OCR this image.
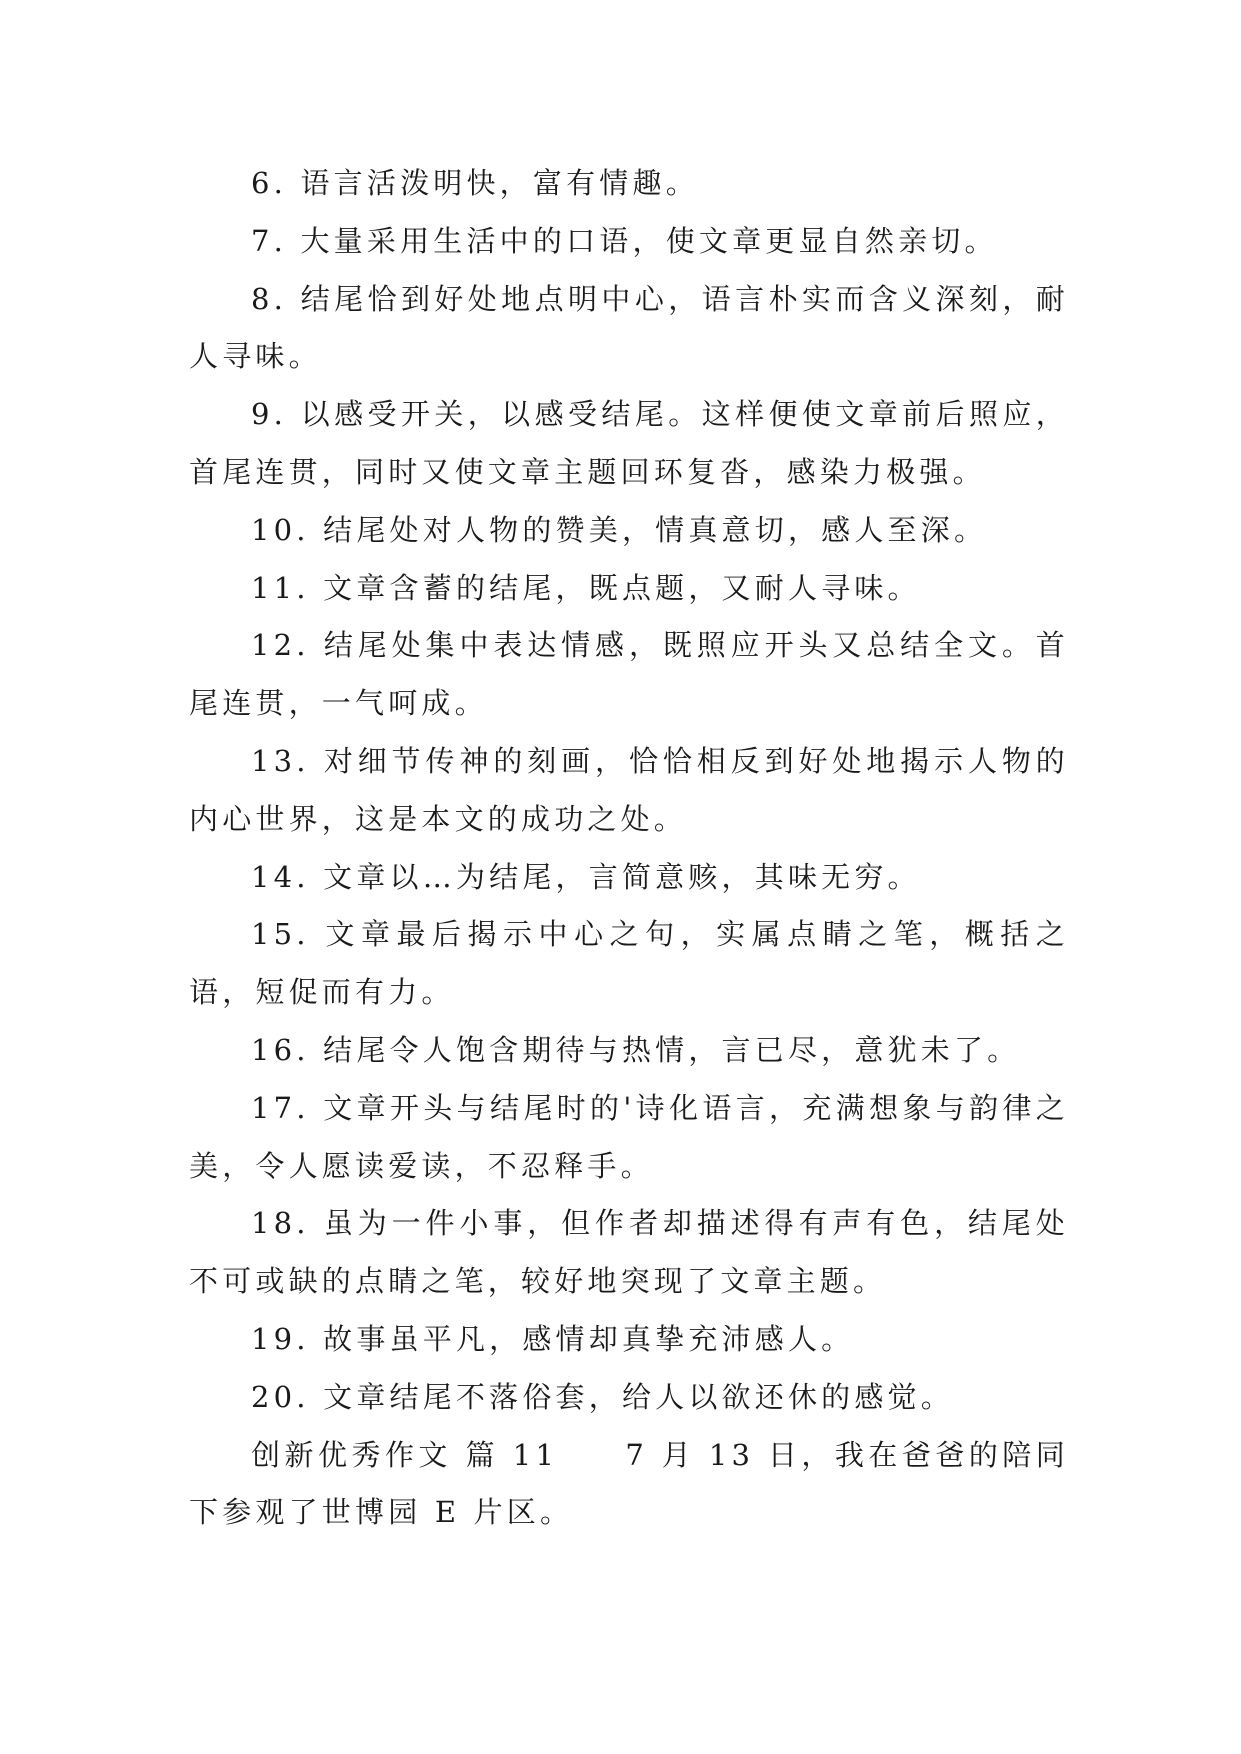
6. 语言活泼明快，富有情趣。

7. 大量采用生活中的口语，使文章更显自然亲切。

8. 结尾恰到好处地点明中心，语言朴实而含义深刻，耐人寻味。

9. 以感受开关，以感受结尾。这样便使文章前后照应，首尾连贯，同时又使文章主题回环复沓，感染力极强。

10. 结尾处对人物的赞美，情真意切，感人至深。

11. 文章含蓄的结尾，既点题，又耐人寻味。

12. 结尾处集中表达情感，既照应开头又总结全文。首尾连贯，一气呵成。

13. 对细节传神的刻画，恰恰相反到好处地揭示人物的内心世界，这是本文的成功之处。

14. 文章以…为结尾，言简意赅，其味无穷。

15. 文章最后揭示中心之句，实属点睛之笔，概括之语，短促而有力。

16. 结尾令人饱含期待与热情，言已尽，意犹未了。

17. 文章开头与结尾时的'诗化语言，充满想象与韵律之美，令人愿读爱读，不忍释手。

18. 虽为一件小事，但作者却描述得有声有色，结尾处不可或缺的点睛之笔，较好地突现了文章主题。

19. 故事虽平凡，感情却真挚充沛感人。

20. 文章结尾不落俗套，给人以欲还休的感觉。

创新优秀作文 篇 11　　7 月 13 日，我在爸爸的陪同下参观了世博园 E 片区。
